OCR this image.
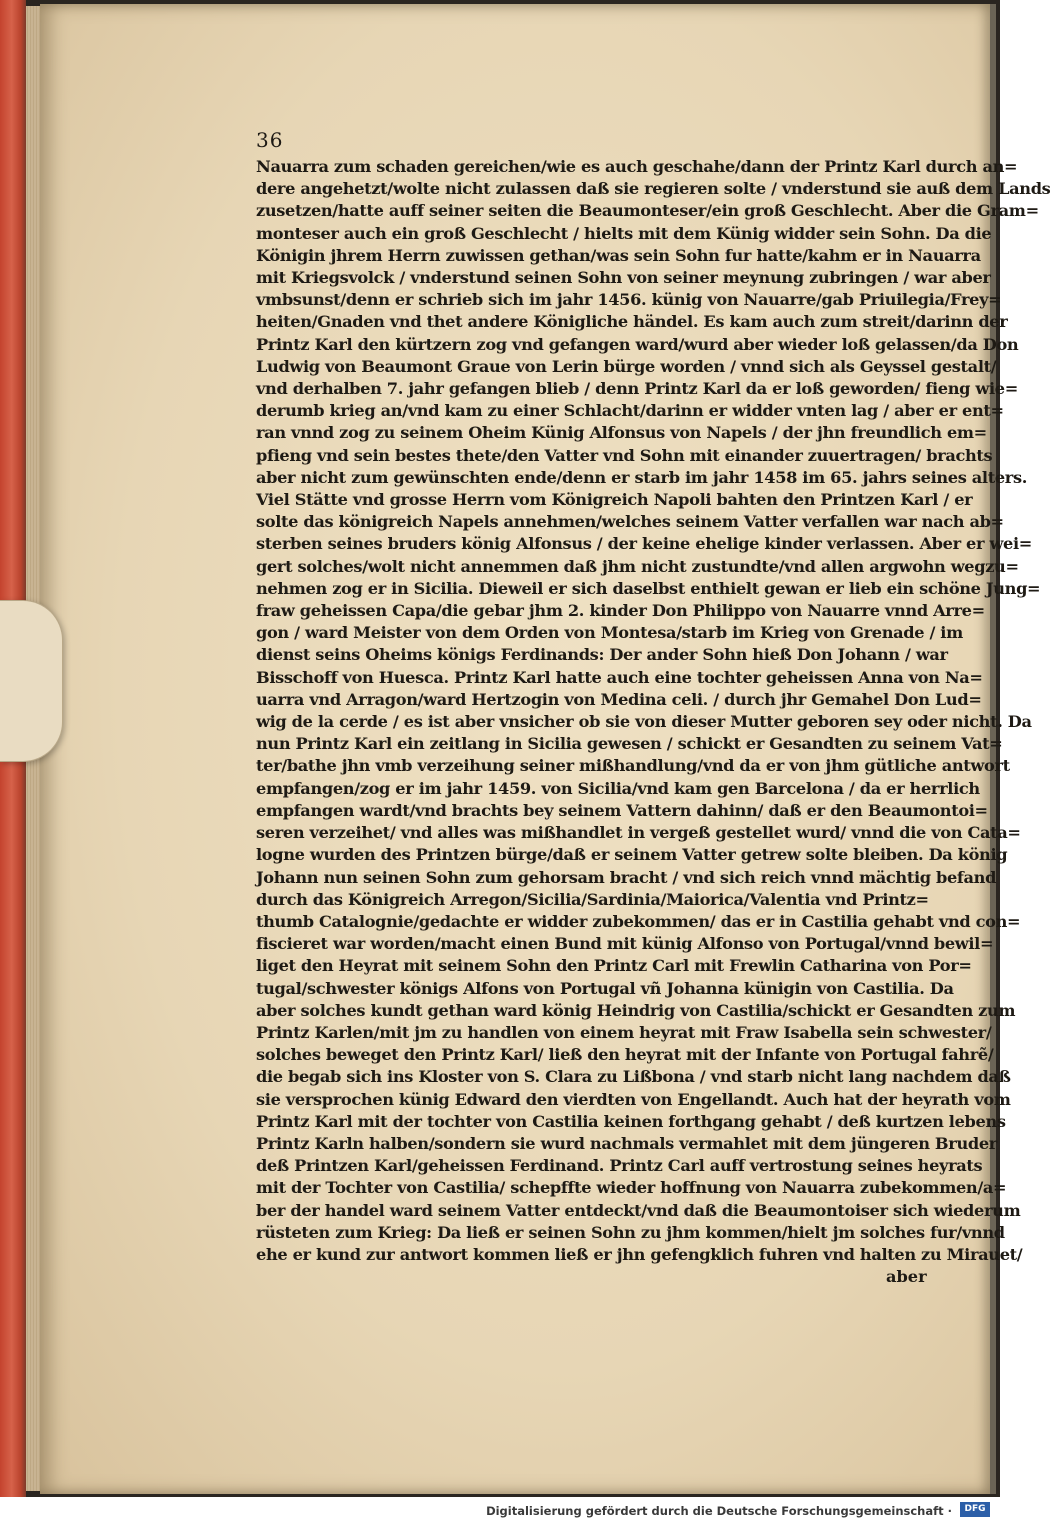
36
Nauarra zum schaden gereichen/wie es auch geschahe/dann der Printz Karl durch an=
dere angehetzt/wolte nicht zulassen daß sie regieren solte / vnderstund sie auß dem Lands
zusetzen/hatte auff seiner seiten die Beaumonteser/ein groß Geschlecht. Aber die Gram=
monteser auch ein groß Geschlecht / hielts mit dem Künig widder sein Sohn. Da die
Königin jhrem Herrn zuwissen gethan/was sein Sohn fur hatte/kahm er in Nauarra
mit Kriegsvolck / vnderstund seinen Sohn von seiner meynung zubringen / war aber
vmbsunst/denn er schrieb sich im jahr 1456. künig von Nauarre/gab Priuilegia/Frey=
heiten/Gnaden vnd thet andere Königliche händel. Es kam auch zum streit/darinn der
Printz Karl den kürtzern zog vnd gefangen ward/wurd aber wieder loß gelassen/da Don
Ludwig von Beaumont Graue von Lerin bürge worden / vnnd sich als Geyssel gestalt/
vnd derhalben 7. jahr gefangen blieb / denn Printz Karl da er loß geworden/ fieng wie=
derumb krieg an/vnd kam zu einer Schlacht/darinn er widder vnten lag / aber er ent=
ran vnnd zog zu seinem Oheim Künig Alfonsus von Napels / der jhn freundlich em=
pfieng vnd sein bestes thete/den Vatter vnd Sohn mit einander zuuertragen/ brachts
aber nicht zum gewünschten ende/denn er starb im jahr 1458 im 65. jahrs seines alters.
Viel Stätte vnd grosse Herrn vom Königreich Napoli bahten den Printzen Karl / er
solte das königreich Napels annehmen/welches seinem Vatter verfallen war nach ab=
sterben seines bruders könig Alfonsus / der keine ehelige kinder verlassen. Aber er wei=
gert solches/wolt nicht annemmen daß jhm nicht zustundte/vnd allen argwohn wegzu=
nehmen zog er in Sicilia. Dieweil er sich daselbst enthielt gewan er lieb ein schöne Jung=
fraw geheissen Capa/die gebar jhm 2. kinder Don Philippo von Nauarre vnnd Arre=
gon / ward Meister von dem Orden von Montesa/starb im Krieg von Grenade / im
dienst seins Oheims königs Ferdinands: Der ander Sohn hieß Don Johann / war
Bisschoff von Huesca. Printz Karl hatte auch eine tochter geheissen Anna von Na=
uarra vnd Arragon/ward Hertzogin von Medina celi. / durch jhr Gemahel Don Lud=
wig de la cerde / es ist aber vnsicher ob sie von dieser Mutter geboren sey oder nicht. Da
nun Printz Karl ein zeitlang in Sicilia gewesen / schickt er Gesandten zu seinem Vat=
ter/bathe jhn vmb verzeihung seiner mißhandlung/vnd da er von jhm gütliche antwort
empfangen/zog er im jahr 1459. von Sicilia/vnd kam gen Barcelona / da er herrlich
empfangen wardt/vnd brachts bey seinem Vattern dahinn/ daß er den Beaumontoi=
seren verzeihet/ vnd alles was mißhandlet in vergeß gestellet wurd/ vnnd die von Cata=
logne wurden des Printzen bürge/daß er seinem Vatter getrew solte bleiben. Da könig
Johann nun seinen Sohn zum gehorsam bracht / vnd sich reich vnnd mächtig befand
durch das Königreich Arregon/Sicilia/Sardinia/Maiorica/Valentia vnd Printz=
thumb Catalognie/gedachte er widder zubekommen/ das er in Castilia gehabt vnd con=
fiscieret war worden/macht einen Bund mit künig Alfonso von Portugal/vnnd bewil=
liget den Heyrat mit seinem Sohn den Printz Carl mit Frewlin Catharina von Por=
tugal/schwester königs Alfons von Portugal vñ Johanna künigin von Castilia. Da
aber solches kundt gethan ward könig Heindrig von Castilia/schickt er Gesandten zum
Printz Karlen/mit jm zu handlen von einem heyrat mit Fraw Isabella sein schwester/
solches beweget den Printz Karl/ ließ den heyrat mit der Infante von Portugal fahrẽ/
die begab sich ins Kloster von S. Clara zu Lißbona / vnd starb nicht lang nachdem daß
sie versprochen künig Edward den vierdten von Engellandt. Auch hat der heyrath vom
Printz Karl mit der tochter von Castilia keinen forthgang gehabt / deß kurtzen lebens
Printz Karln halben/sondern sie wurd nachmals vermahlet mit dem jüngeren Bruder
deß Printzen Karl/geheissen Ferdinand. Printz Carl auff vertrostung seines heyrats
mit der Tochter von Castilia/ schepffte wieder hoffnung von Nauarra zubekommen/a=
ber der handel ward seinem Vatter entdeckt/vnd daß die Beaumontoiser sich wiederum
rüsteten zum Krieg: Da ließ er seinen Sohn zu jhm kommen/hielt jm solches fur/vnnd
ehe er kund zur antwort kommen ließ er jhn gefengklich fuhren vnd halten zu Mirauet/
aber
Digitalisierung gefördert durch die Deutsche Forschungsgemeinschaft ·	DFG
